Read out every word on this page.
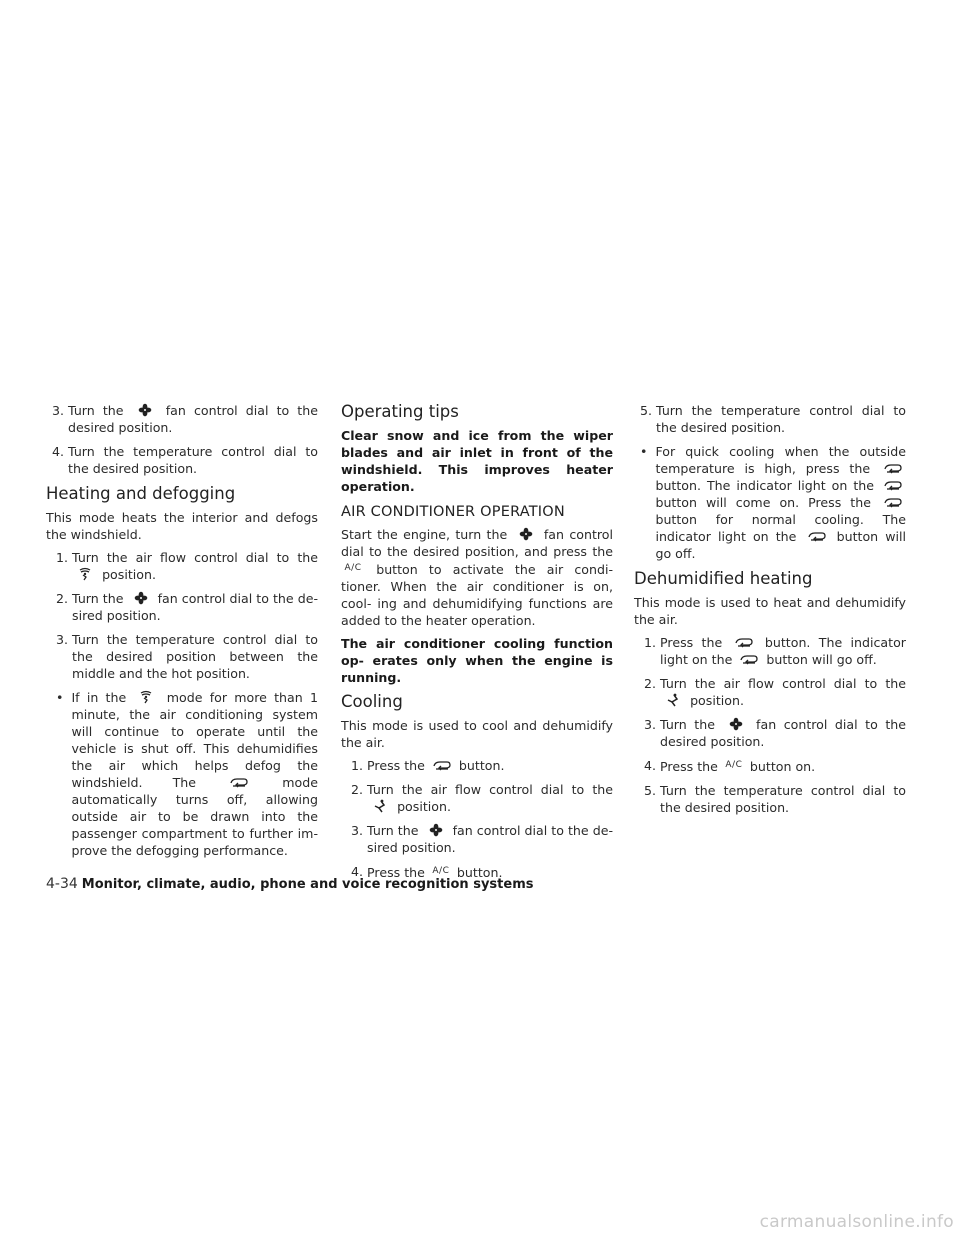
3.
Turn the	fan control dial to the desired position.
4.
Turn the temperature control dial to the desired position.
Heating and defogging

This mode heats the interior and defogs the windshield.

1.
Turn the air flow control dial to the
position.
2.
Turn the	fan control dial to the de- sired position.
3.
Turn the temperature control dial to the desired position between the middle and the hot position.
•
If in the	mode for more than 1 minute, the air conditioning system will continue to operate until the vehicle is shut off. This dehumidifies the air which helps defog the windshield. The	mode automatically turns off, allowing outside air to be drawn into the passenger compartment to further im- prove the defogging performance.
Operating tips

Clear snow and ice from the wiper blades and air inlet in front of the windshield. This improves heater operation.

AIR CONDITIONER OPERATION

Start the engine, turn the	fan control dial to the desired position, and press the A/C button to activate the air condi- tioner. When the air conditioner is on, cool- ing and dehumidifying functions are added to the heater operation.

The air conditioner cooling function op- erates only when the engine is running.

Cooling

This mode is used to cool and dehumidify the air.

1.
Press the	button.
2.
Turn the air flow control dial to the
position.
3.
Turn the	fan control dial to the de- sired position.
4.
Press the A/C button.
5.
Turn the temperature control dial to the desired position.
•
For quick cooling when the outside temperature is high, press the
button. The indicator light on the
button will come on. Press the
button for normal cooling. The indicator light on the	button will go off.
Dehumidified heating

This mode is used to heat and dehumidify the air.

1.
Press the	button. The indicator light on the	button will go off.
2.
Turn the air flow control dial to the
position.
3.
Turn the	fan control dial to the desired position.
4.
Press the A/C button on.
5.
Turn the temperature control dial to the desired position.
4-34 Monitor, climate, audio, phone and voice recognition systems
carmanualsonline.info
